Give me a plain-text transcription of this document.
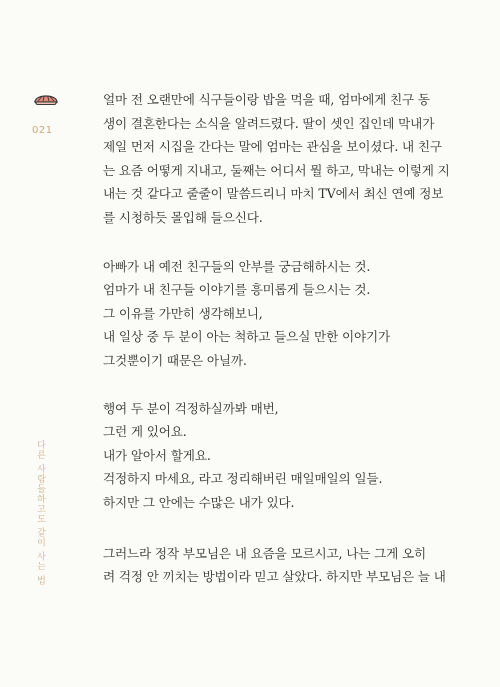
021
다른 사람들하고도 같이 사는 법

얼마 전 오랜만에 식구들이랑 밥을 먹을 때, 엄마에게 친구 동
생이 결혼한다는 소식을 알려드렸다. 딸이 셋인 집인데 막내가
제일 먼저 시집을 간다는 말에 엄마는 관심을 보이셨다. 내 친구
는 요즘 어떻게 지내고, 둘째는 어디서 뭘 하고, 막내는 이렇게 지
내는 것 같다고 줄줄이 말씀드리니 마치 TV에서 최신 연예 정보
를 시청하듯 몰입해 들으신다.

아빠가 내 예전 친구들의 안부를 궁금해하시는 것.
엄마가 내 친구들 이야기를 흥미롭게 들으시는 것.
그 이유를 가만히 생각해보니,
내 일상 중 두 분이 아는 척하고 들으실 만한 이야기가
그것뿐이기 때문은 아닐까.

행여 두 분이 걱정하실까봐 매번,
그런 게 있어요.
내가 알아서 할게요.
걱정하지 마세요, 라고 정리해버린 매일매일의 일들.
하지만 그 안에는 수많은 내가 있다.

그러느라 정작 부모님은 내 요즘을 모르시고, 나는 그게 오히
려 걱정 안 끼치는 방법이라 믿고 살았다. 하지만 부모님은 늘 내
